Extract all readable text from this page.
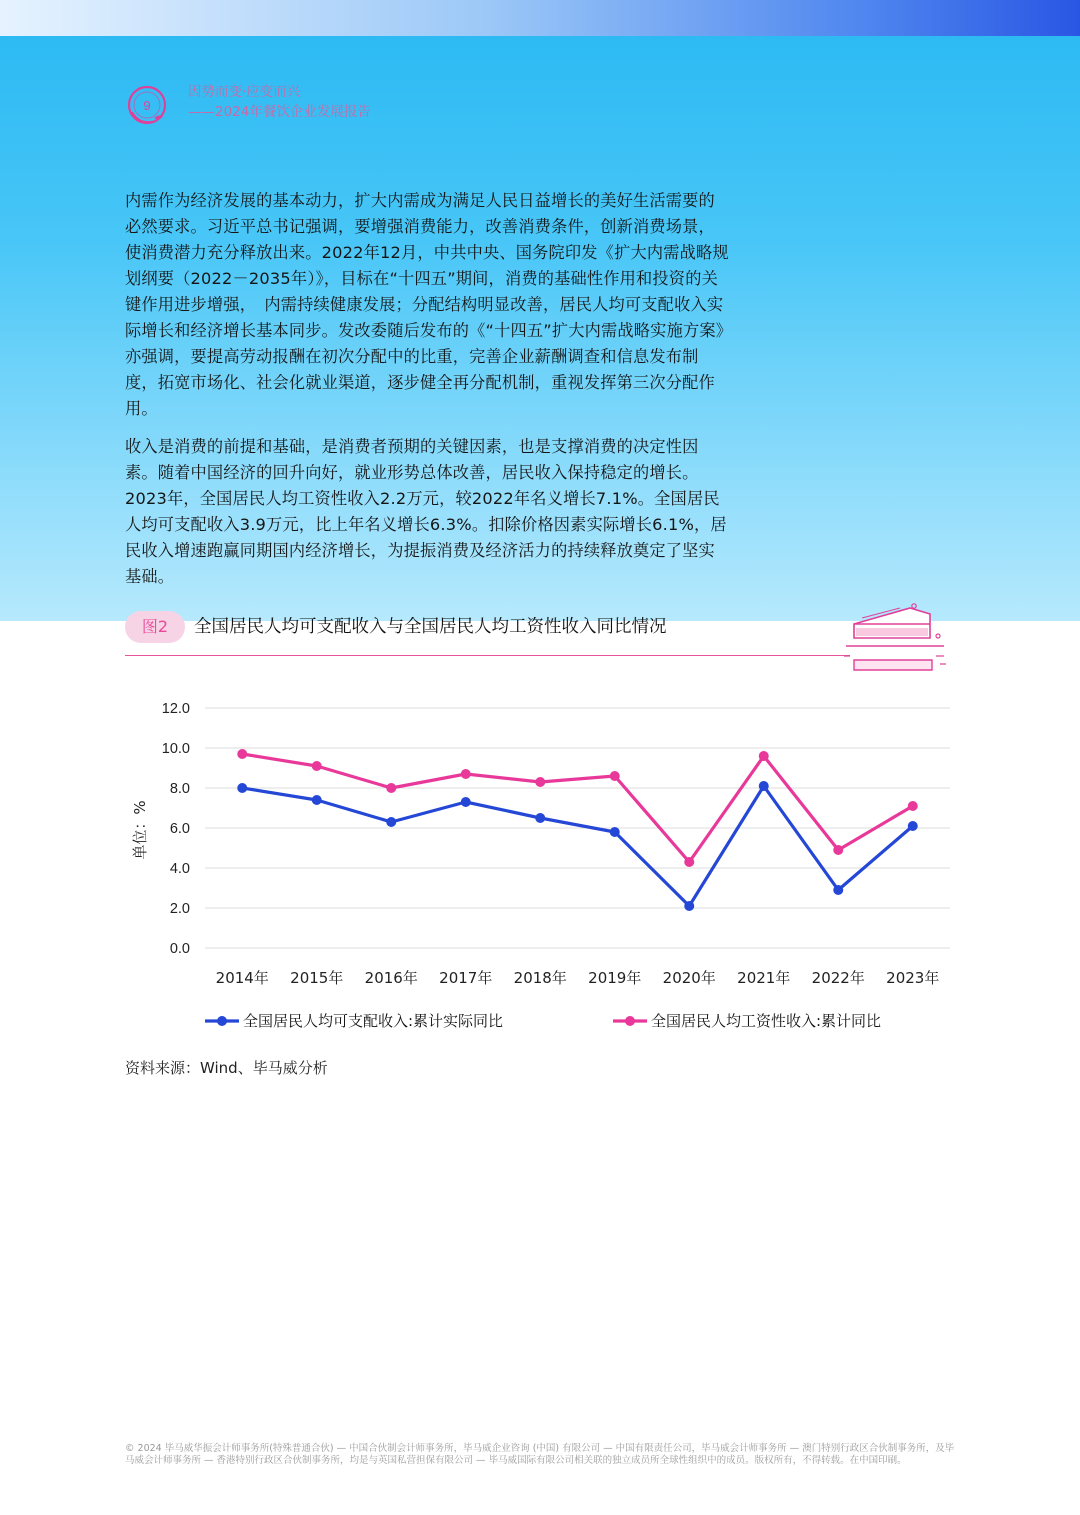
9
因势而变·应变而兴
——2024年餐饮企业发展报告

内需作为经济发展的基本动力，扩大内需成为满足人民日益增长的美好生活需要的必然要求。习近平总书记强调，要增强消费能力，改善消费条件，创新消费场景，使消费潜力充分释放出来。2022年12月，中共中央、国务院印发《扩大内需战略规划纲要（2022－2035年）》，目标在“十四五”期间，消费的基础性作用和投资的关键作用进步增强，　内需持续健康发展；分配结构明显改善，居民人均可支配收入实际增长和经济增长基本同步。发改委随后发布的《“十四五”扩大内需战略实施方案》亦强调，要提高劳动报酬在初次分配中的比重，完善企业薪酬调查和信息发布制度，拓宽市场化、社会化就业渠道，逐步健全再分配机制，重视发挥第三次分配作用。

收入是消费的前提和基础，是消费者预期的关键因素，也是支撑消费的决定性因素。随着中国经济的回升向好，就业形势总体改善，居民收入保持稳定的增长。2023年，全国居民人均工资性收入2.2万元，较2022年名义增长7.1%。全国居民人均可支配收入3.9万元，比上年名义增长6.3%。扣除价格因素实际增长6.1%，居民收入增速跑赢同期国内经济增长，为提振消费及经济活力的持续释放奠定了坚实基础。

图2	全国居民人均可支配收入与全国居民人均工资性收入同比情况
0.0
2.0
4.0
6.0
8.0
10.0
12.0
2014年 2015年 2016年 2017年 2018年 2019年 2020年 2021年 2022年 2023年
单位：%
全国居民人均可支配收入:累计实际同比	全国居民人均工资性收入:累计同比
资料来源：Wind、毕马威分析
© 2024 毕马威华振会计师事务所(特殊普通合伙) — 中国合伙制会计师事务所，毕马威企业咨询 (中国) 有限公司 — 中国有限责任公司，毕马威会计师事务所 — 澳门特别行政区合伙制事务所，及毕马威会计师事务所 — 香港特别行政区合伙制事务所，均是与英国私营担保有限公司 — 毕马威国际有限公司相关联的独立成员所全球性组织中的成员。版权所有，不得转载。在中国印刷。
